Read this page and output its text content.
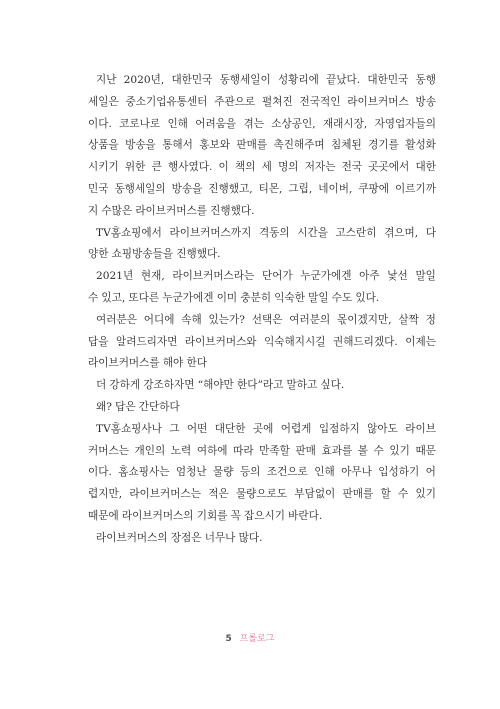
지난 2020년, 대한민국 동행세일이 성황리에 끝났다. 대한민국 동행
세일은 중소기업유통센터 주관으로 펼쳐진 전국적인 라이브커머스 방송
이다. 코로나로 인해 어려움을 겪는 소상공인, 재래시장, 자영업자들의
상품을 방송을 통해서 홍보와 판매를 촉진해주며 침체된 경기를 활성화
시키기 위한 큰 행사였다. 이 책의 세 명의 저자는 전국 곳곳에서 대한
민국 동행세일의 방송을 진행했고, 티몬, 그립, 네이버, 쿠팡에 이르기까
지 수많은 라이브커머스를 진행했다.
TV홈쇼핑에서 라이브커머스까지 격동의 시간을 고스란히 겪으며, 다
양한 쇼핑방송들을 진행했다.
2021년 현재, 라이브커머스라는 단어가 누군가에겐 아주 낯선 말일
수 있고, 또다른 누군가에겐 이미 충분히 익숙한 말일 수도 있다.
여러분은 어디에 속해 있는가? 선택은 여러분의 몫이겠지만, 살짝 정
답을 알려드리자면 라이브커머스와 익숙해지시길 권해드리겠다. 이제는
라이브커머스를 해야 한다
더 강하게 강조하자면 “해야만 한다”라고 말하고 싶다.
왜? 답은 간단하다
TV홈쇼핑사나 그 어떤 대단한 곳에 어렵게 입점하지 않아도 라이브
커머스는 개인의 노력 여하에 따라 만족할 판매 효과를 볼 수 있기 때문
이다. 홈쇼핑사는 엄청난 물량 등의 조건으로 인해 아무나 입성하기 어
렵지만, 라이브커머스는 적은 물량으로도 부담없이 판매를 할 수 있기
때문에 라이브커머스의 기회를 꼭 잡으시기 바란다.
라이브커머스의 장점은 너무나 많다.
5 프롤로그
